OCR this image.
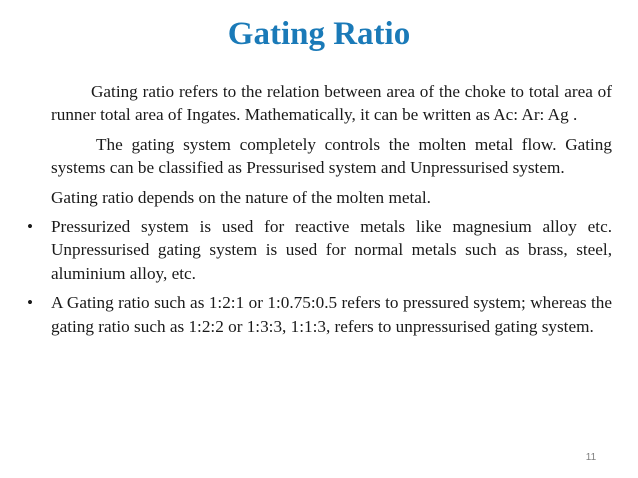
Gating Ratio

Gating ratio refers to the relation between area of the choke to total area of runner total area of Ingates. Mathematically, it can be written as Ac: Ar: Ag .

The gating system completely controls the molten metal flow. Gating systems can be classified as Pressurised system and Unpressurised system.

Gating ratio depends on the nature of the molten metal.

• Pressurized system is used for reactive metals like magnesium alloy etc. Unpressurised gating system is used for normal metals such as brass, steel, aluminium alloy, etc.
• A Gating ratio such as 1:2:1 or 1:0.75:0.5 refers to pressured system; whereas the gating ratio such as 1:2:2 or 1:3:3, 1:1:3, refers to unpressurised gating system.
11
